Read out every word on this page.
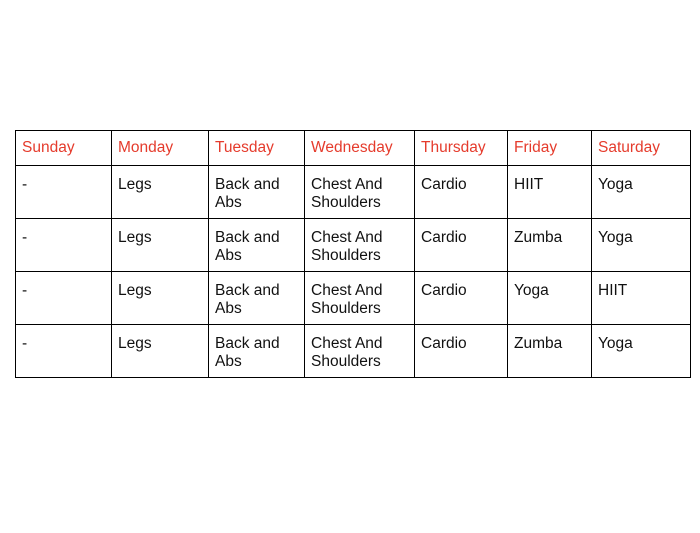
Sunday	Monday	Tuesday	Wednesday	Thursday	Friday	Saturday

-	Legs	Back and Abs	Chest And Shoulders	Cardio	HIIT	Yoga
-	Legs	Back and Abs	Chest And Shoulders	Cardio	Zumba	Yoga
-	Legs	Back and Abs	Chest And Shoulders	Cardio	Yoga	HIIT
-	Legs	Back and Abs	Chest And Shoulders	Cardio	Zumba	Yoga
